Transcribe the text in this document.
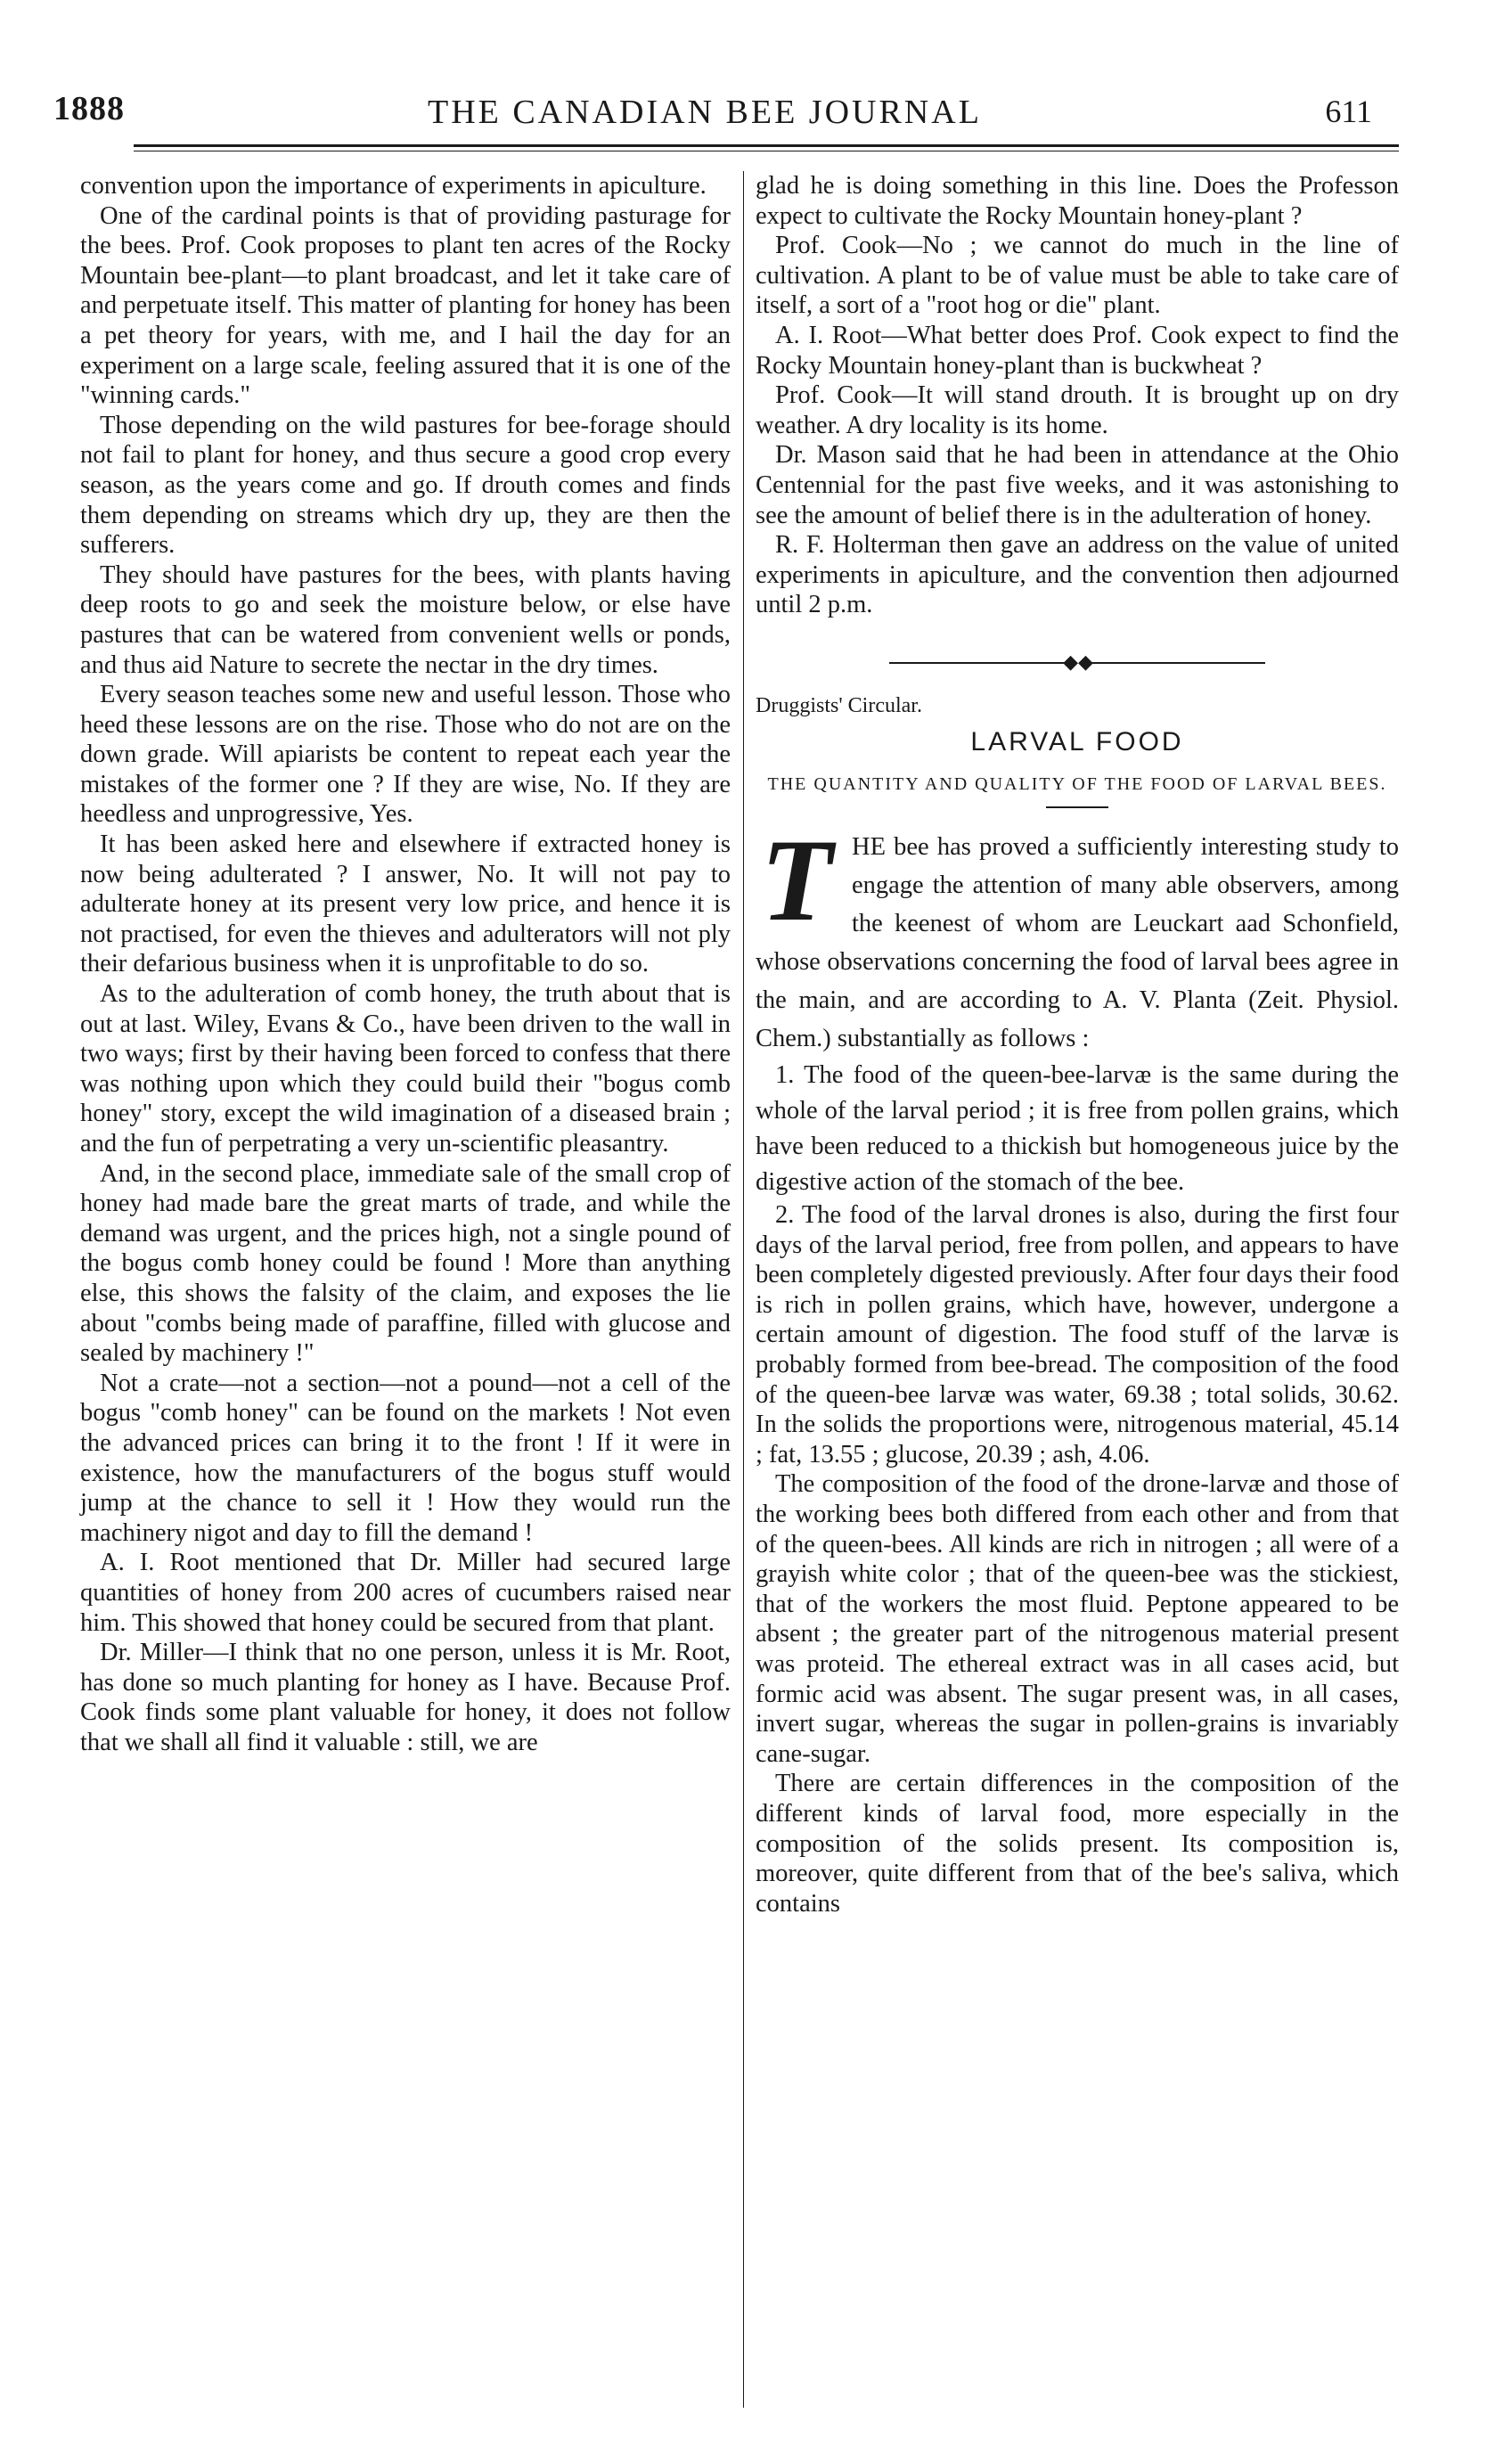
1888	THE CANADIAN BEE JOURNAL	611

convention upon the importance of experiments in apiculture.

One of the cardinal points is that of providing pasturage for the bees. Prof. Cook proposes to plant ten acres of the Rocky Mountain bee-plant—to plant broadcast, and let it take care of and perpetuate itself. This matter of planting for honey has been a pet theory for years, with me, and I hail the day for an experiment on a large scale, feeling assured that it is one of the "winning cards."

Those depending on the wild pastures for bee-forage should not fail to plant for honey, and thus secure a good crop every season, as the years come and go. If drouth comes and finds them depending on streams which dry up, they are then the sufferers.

They should have pastures for the bees, with plants having deep roots to go and seek the moisture below, or else have pastures that can be watered from convenient wells or ponds, and thus aid Nature to secrete the nectar in the dry times.

Every season teaches some new and useful lesson. Those who heed these lessons are on the rise. Those who do not are on the down grade. Will apiarists be content to repeat each year the mistakes of the former one ? If they are wise, No. If they are heedless and unprogressive, Yes.

It has been asked here and elsewhere if extracted honey is now being adulterated ? I answer, No. It will not pay to adulterate honey at its present very low price, and hence it is not practised, for even the thieves and adulterators will not ply their defarious business when it is unprofitable to do so.

As to the adulteration of comb honey, the truth about that is out at last. Wiley, Evans & Co., have been driven to the wall in two ways; first by their having been forced to confess that there was nothing upon which they could build their "bogus comb honey" story, except the wild imagination of a diseased brain ; and the fun of perpetrating a very un-scientific pleasantry.

And, in the second place, immediate sale of the small crop of honey had made bare the great marts of trade, and while the demand was urgent, and the prices high, not a single pound of the bogus comb honey could be found ! More than anything else, this shows the falsity of the claim, and exposes the lie about "combs being made of paraffine, filled with glucose and sealed by machinery !"

Not a crate—not a section—not a pound—not a cell of the bogus "comb honey" can be found on the markets ! Not even the advanced prices can bring it to the front ! If it were in existence, how the manufacturers of the bogus stuff would jump at the chance to sell it ! How they would run the machinery nigot and day to fill the demand !

A. I. Root mentioned that Dr. Miller had secured large quantities of honey from 200 acres of cucumbers raised near him. This showed that honey could be secured from that plant.

Dr. Miller—I think that no one person, unless it is Mr. Root, has done so much planting for honey as I have. Because Prof. Cook finds some plant valuable for honey, it does not follow that we shall all find it valuable : still, we are

glad he is doing something in this line. Does the Professon expect to cultivate the Rocky Mountain honey-plant ?

Prof. Cook—No ; we cannot do much in the line of cultivation. A plant to be of value must be able to take care of itself, a sort of a "root hog or die" plant.

A. I. Root—What better does Prof. Cook expect to find the Rocky Mountain honey-plant than is buckwheat ?

Prof. Cook—It will stand drouth. It is brought up on dry weather. A dry locality is its home.

Dr. Mason said that he had been in attendance at the Ohio Centennial for the past five weeks, and it was astonishing to see the amount of belief there is in the adulteration of honey.

R. F. Holterman then gave an address on the value of united experiments in apiculture, and the convention then adjourned until 2 p.m.

◆◆
Druggists' Circular.
LARVAL FOOD
THE QUANTITY AND QUALITY OF THE FOOD OF LARVAL BEES.
T HE bee has proved a sufficiently interesting study to engage the attention of many able observers, among the keenest of whom are Leuckart aad Schonfield, whose observations concerning the food of larval bees agree in the main, and are according to A. V. Planta (Zeit. Physiol. Chem.) substantially as follows :

1. The food of the queen-bee-larvæ is the same during the whole of the larval period ; it is free from pollen grains, which have been reduced to a thickish but homogeneous juice by the digestive action of the stomach of the bee.

2. The food of the larval drones is also, during the first four days of the larval period, free from pollen, and appears to have been completely digested previously. After four days their food is rich in pollen grains, which have, however, undergone a certain amount of digestion. The food stuff of the larvæ is probably formed from bee-bread. The composition of the food of the queen-bee larvæ was water, 69.38 ; total solids, 30.62. In the solids the proportions were, nitrogenous material, 45.14 ; fat, 13.55 ; glucose, 20.39 ; ash, 4.06.

The composition of the food of the drone-larvæ and those of the working bees both differed from each other and from that of the queen-bees. All kinds are rich in nitrogen ; all were of a grayish white color ; that of the queen-bee was the stickiest, that of the workers the most fluid. Peptone appeared to be absent ; the greater part of the nitrogenous material present was proteid. The ethereal extract was in all cases acid, but formic acid was absent. The sugar present was, in all cases, invert sugar, whereas the sugar in pollen-grains is invariably cane-sugar.

There are certain differences in the composition of the different kinds of larval food, more especially in the composition of the solids present. Its composition is, moreover, quite different from that of the bee's saliva, which contains
